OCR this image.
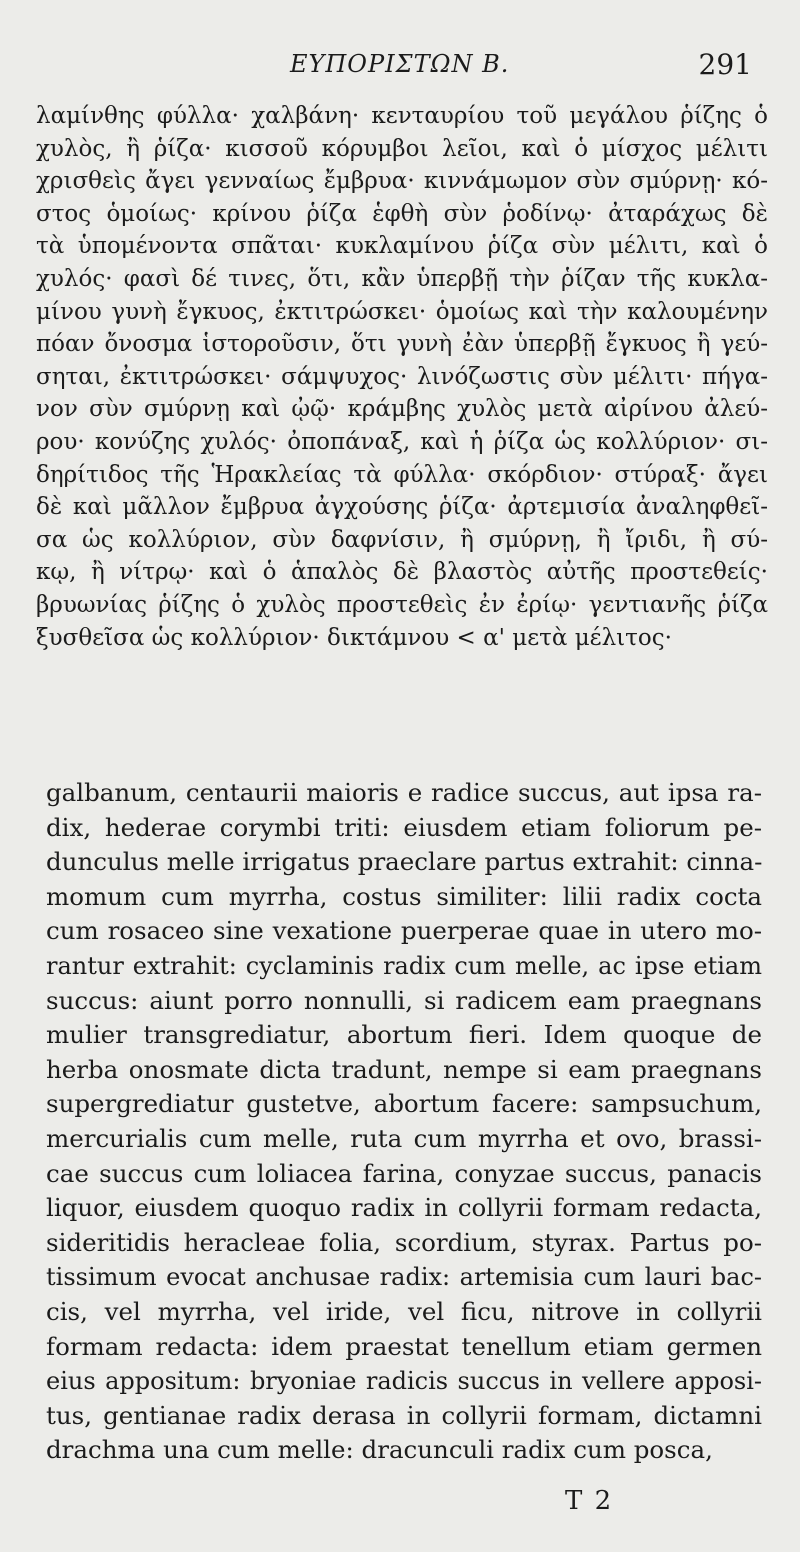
ΕΥΠΟΡΙΣΤΩΝ Β.	291
λαμίνθης φύλλα· χαλβάνη· κενταυρίου τοῦ μεγάλου ῥίζης ὁ
χυλὸς, ἢ ῥίζα· κισσοῦ κόρυμβοι λεῖοι, καὶ ὁ μίσχος μέλιτι
χρισθεὶς ἄγει γενναίως ἔμβρυα· κιννάμωμον σὺν σμύρνῃ· κό-
στος ὁμοίως· κρίνου ῥίζα ἑφθὴ σὺν ῥοδίνῳ· ἀταράχως δὲ
τὰ ὑπομένοντα σπᾶται· κυκλαμίνου ῥίζα σὺν μέλιτι, καὶ ὁ
χυλός· φασὶ δέ τινες, ὅτι, κἂν ὑπερβῇ τὴν ῥίζαν τῆς κυκλα-
μίνου γυνὴ ἔγκυος, ἐκτιτρώσκει· ὁμοίως καὶ τὴν καλουμένην
πόαν ὄνοσμα ἱστοροῦσιν, ὅτι γυνὴ ἐὰν ὑπερβῇ ἔγκυος ἢ γεύ-
σηται, ἐκτιτρώσκει· σάμψυχος· λινόζωστις σὺν μέλιτι· πήγα-
νον σὺν σμύρνῃ καὶ ᾠῷ· κράμβης χυλὸς μετὰ αἰρίνου ἀλεύ-
ρου· κονύζης χυλός· ὀποπάναξ, καὶ ἡ ῥίζα ὡς κολλύριον· σι-
δηρίτιδος τῆς Ἡρακλείας τὰ φύλλα· σκόρδιον· στύραξ· ἄγει
δὲ καὶ μᾶλλον ἔμβρυα ἀγχούσης ῥίζα· ἀρτεμισία ἀναληφθεῖ-
σα ὡς κολλύριον, σὺν δαφνίσιν, ἢ σμύρνῃ, ἢ ἴριδι, ἢ σύ-
κῳ, ἢ νίτρῳ· καὶ ὁ ἁπαλὸς δὲ βλαστὸς αὐτῆς προστεθείς·
βρυωνίας ῥίζης ὁ χυλὸς προστεθεὶς ἐν ἐρίῳ· γεντιανῆς ῥίζα
ξυσθεῖσα ὡς κολλύριον· δικτάμνου < α' μετὰ μέλιτος·
galbanum, centaurii maioris e radice succus, aut ipsa ra-
dix, hederae corymbi triti: eiusdem etiam foliorum pe-
dunculus melle irrigatus praeclare partus extrahit: cinna-
momum cum myrrha, costus similiter: lilii radix cocta
cum rosaceo sine vexatione puerperae quae in utero mo-
rantur extrahit: cyclaminis radix cum melle, ac ipse etiam
succus: aiunt porro nonnulli, si radicem eam praegnans
mulier transgrediatur, abortum fieri. Idem quoque de
herba onosmate dicta tradunt, nempe si eam praegnans
supergrediatur gustetve, abortum facere: sampsuchum,
mercurialis cum melle, ruta cum myrrha et ovo, brassi-
cae succus cum loliacea farina, conyzae succus, panacis
liquor, eiusdem quoquo radix in collyrii formam redacta,
sideritidis heracleae folia, scordium, styrax. Partus po-
tissimum evocat anchusae radix: artemisia cum lauri bac-
cis, vel myrrha, vel iride, vel ficu, nitrove in collyrii
formam redacta: idem praestat tenellum etiam germen
eius appositum: bryoniae radicis succus in vellere apposi-
tus, gentianae radix derasa in collyrii formam, dictamni
drachma una cum melle: dracunculi radix cum posca,
T 2
